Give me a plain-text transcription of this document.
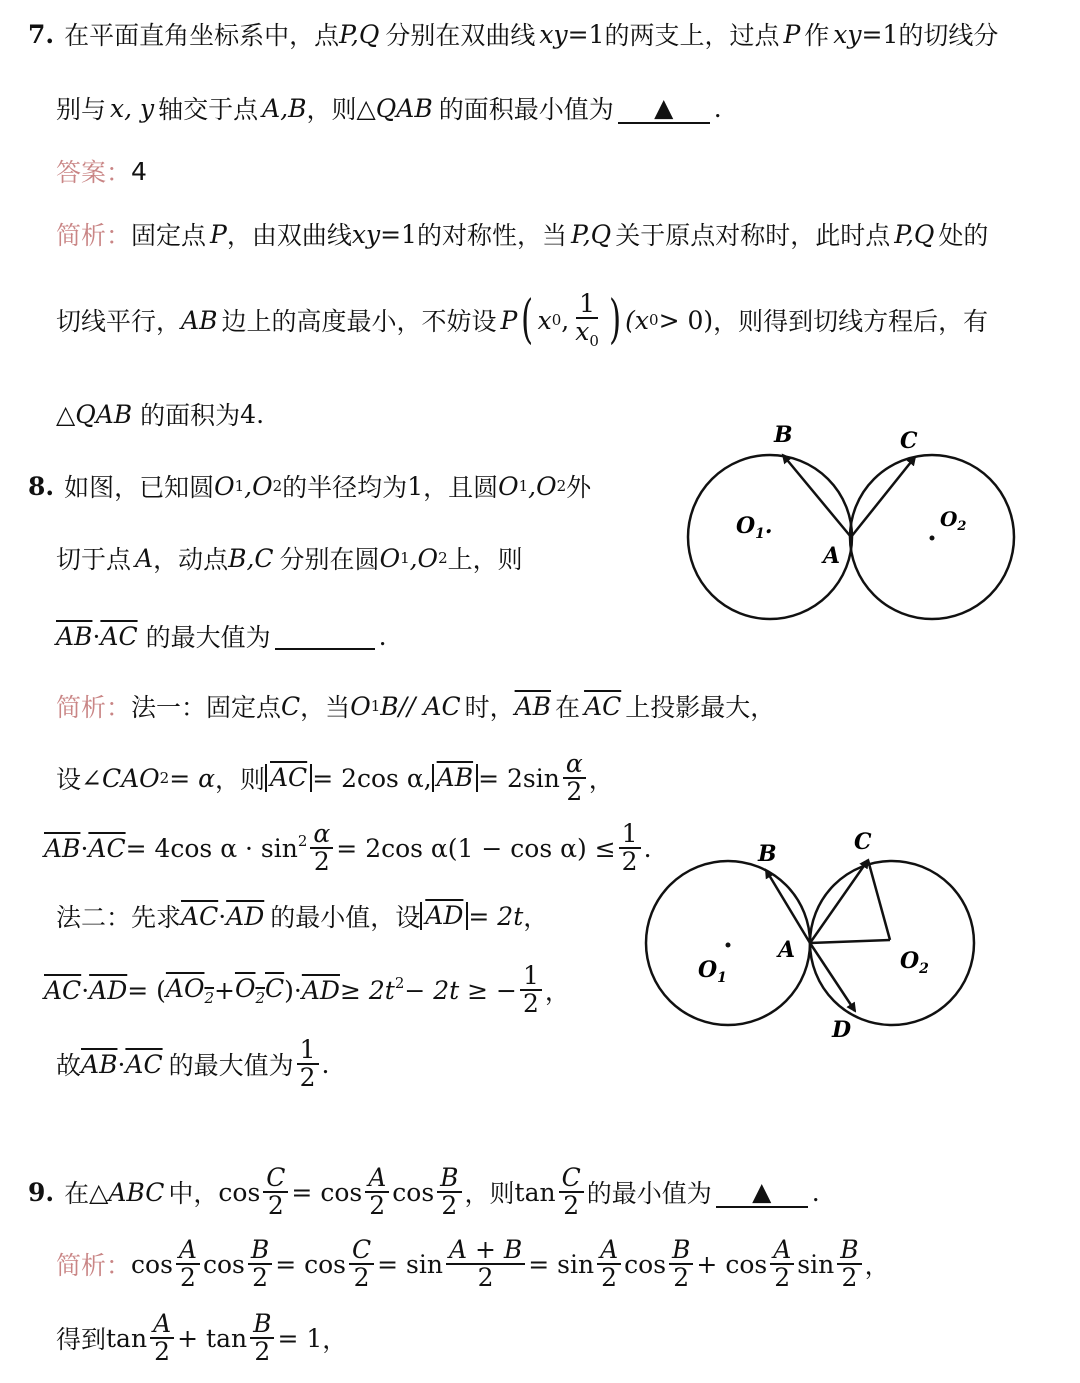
7. 在平面直角坐标系中，点 P,Q 分别在双曲线 xy =1 的两支上，过点 P 作 xy =1 的切线分
别与 x, y 轴交于点 A,B ，则 △QAB 的面积最小值为	▲	.
答案： 4
简析： 固定点 P ，由双曲线 xy =1 的对称性，当 P,Q 关于原点对称时，此时点 P,Q 处的
切线平行， AB 边上的高度最小，不妨设 P ( x 0 , $\frac{1}{x_0}$ ) (x 0 > 0) ，则得到切线方程后，有
△QAB 的面积为 4 .
8. 如图，已知圆 O 1 ,O 2 的半径均为 1 ，且圆 O 1 ,O 2 外
切于点 A ，动点 B,C 分别在圆 O 1 ,O 2 上，则
$\overline{AB} \cdot \overline{AC}$ 的最大值为	.
简析： 法一：固定点 C ，当 O 1 B// AC 时， $\overline{AB}$ 在 $\overline{AC}$ 上投影最大，
设 ∠CAO 2 = α ，则 $\overline{AC} = 2\cos$ α, $\overline{AB} = 2\sin \frac{\alpha}{2}$ ，
$\overline{AB} \cdot \overline{AC} = 4\cos$ $\alpha \cdot \sin^2 \frac{\alpha}{2} = 2\cos$ $\alpha(1 - \cos \alpha) \le \frac{1}{2}$ .
法二：先求 $\overline{AC} \cdot \overline{AD}$ 的最小值，设 $\overline{AD} = 2t$ ，
$\overline{AC} \cdot \overline{AD}$ = ( $AO_2 + O_2C$ )· $\overline{AD} \ge 2t^2 - 2t$ ≥ − $\frac{1}{2}$ ，
故 $\overline{AB} \cdot \overline{AC}$ 的最大值为 $\frac{1}{2}$ .
B	C
$O_1$.
A
$O_2$
B	C
$O_1$
A	$O_2$
D
9. 在 △ABC 中， $\cos \frac{C}{2} = \cos \frac{A}{2}$ $\cos \frac{B}{2}$ ，则 $\tan \frac{C}{2}$ 的最小值为	▲	.
简析： $\cos \frac{A}{2}$ $\cos \frac{B}{2} = \cos \frac{C}{2} = \sin \frac{A + B}{2} = \sin \frac{A}{2}$ $\cos \frac{B}{2} + \cos \frac{A}{2}$ $\sin \frac{B}{2}$ ，
得到 $\tan \frac{A}{2} + \tan \frac{B}{2} = 1$ ，
